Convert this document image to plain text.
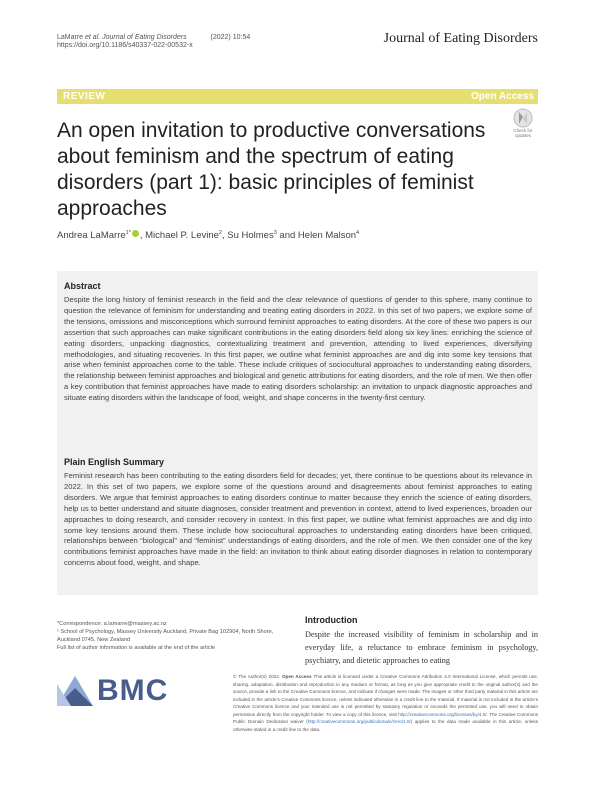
LaMarre et al. Journal of Eating Disorders	(2022) 10:54
https://doi.org/10.1186/s40337-022-00532-x	Journal of Eating Disorders
REVIEW	Open Access
An open invitation to productive conversations about feminism and the spectrum of eating disorders (part 1): basic principles of feminist approaches
Check for
updates
Andrea LaMarre$^{1*}$ , Michael P. Levine$^2$, Su Holmes$^3$ and Helen Malson$^4$
Abstract
Despite the long history of feminist research in the field and the clear relevance of questions of gender to this sphere, many continue to question the relevance of feminism for understanding and treating eating disorders in 2022. In this set of two papers, we explore some of the tensions, omissions and misconceptions which surround feminist approaches to eating disorders. At the core of these two papers is our assertion that such approaches can make significant contributions in the eating disorders field along six key lines: enriching the science of eating disorders, unpacking diagnostics, contextualizing treatment and prevention, attending to lived experiences, diversifying methodologies, and situating recoveries. In this first paper, we outline what feminist approaches are and dig into some key tensions that arise when feminist approaches come to the table. These include critiques of sociocultural approaches to understanding eating disorders, the relationship between feminist approaches and biological and genetic attributions for eating disorders, and the role of men. We then offer a key contribution that feminist approaches have made to eating disorders scholarship: an invitation to unpack diagnostic approaches and situate eating disorders within the landscape of food, weight, and shape concerns in the twenty-first century.
Plain English Summary
Feminist research has been contributing to the eating disorders field for decades; yet, there continue to be questions about its relevance in 2022. In this set of two papers, we explore some of the questions around and disagreements about feminist approaches to eating disorders. We argue that feminist approaches to eating disorders continue to matter because they enrich the science of eating disorders, help us to better understand and situate diagnoses, consider treatment and prevention in context, attend to lived experiences, broaden our approaches to doing research, and consider recovery in context. In this first paper, we outline what feminist approaches are and dig into some key tensions around them. These include how sociocultural approaches to understanding eating disorders have been critiqued, relationships between “biological” and “feminist” understandings of eating disorders, and the role of men. We then consider one of the key contributions feminist approaches have made in the field: an invitation to think about eating disorder diagnoses in relation to contemporary concerns about food, weight, and shape.
*Correspondence: a.lamarre@massey.ac.nz
¹ School of Psychology, Massey University Auckland, Private Bag 102904, North Shore, Auckland 0745, New Zealand
Full list of author information is available at the end of the article
Introduction
Despite the increased visibility of feminism in scholarship and in everyday life, a reluctance to embrace feminism in psychology, psychiatry, and dietetic approaches to eating
BMC	© The Author(s) 2022. Open Access This article is licensed under a Creative Commons Attribution 4.0 International License, which permits use, sharing, adaptation, distribution and reproduction in any medium or format, as long as you give appropriate credit to the original author(s) and the source, provide a link to the Creative Commons licence, and indicate if changes were made. The images or other third party material in this article are included in the article’s Creative Commons licence, unless indicated otherwise in a credit line to the material. If material is not included in the article’s Creative Commons licence and your intended use is not permitted by statutory regulation or exceeds the permitted use, you will need to obtain permission directly from the copyright holder. To view a copy of this licence, visit http://creativecommons.org/licenses/by/4.0/. The Creative Commons Public Domain Dedication waiver (http://creativecommons.org/publicdomain/zero/1.0/) applies to the data made available in this article, unless otherwise stated in a credit line to the data.
